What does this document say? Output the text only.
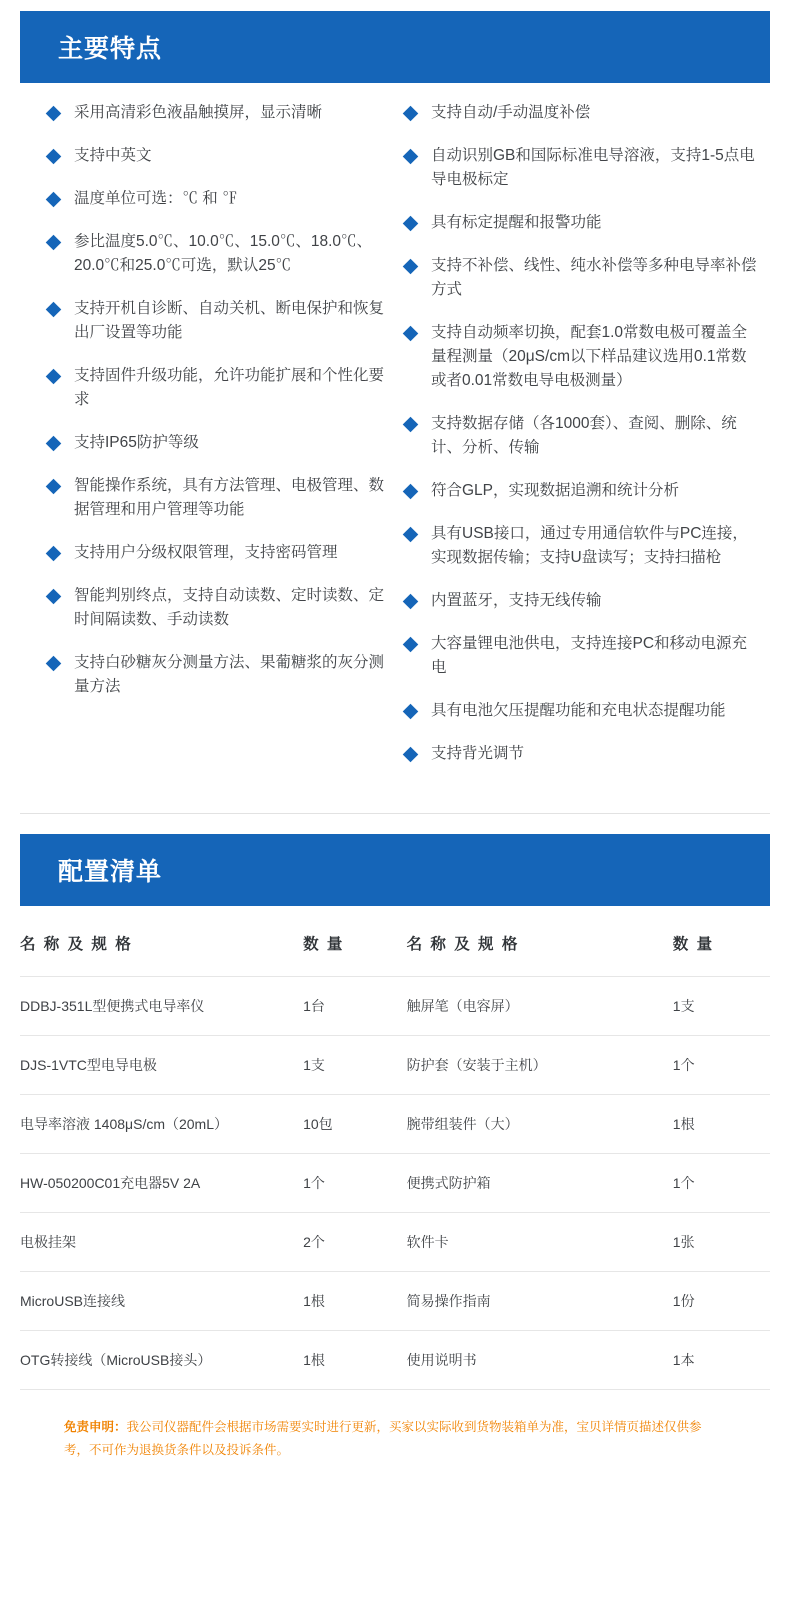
主要特点
采用高清彩色液晶触摸屏，显示清晰
支持中英文
温度单位可选：℃ 和 ℉
参比温度5.0℃、10.0℃、15.0℃、18.0℃、20.0℃和25.0℃可选，默认25℃
支持开机自诊断、自动关机、断电保护和恢复出厂设置等功能
支持固件升级功能，允许功能扩展和个性化要求
支持IP65防护等级
智能操作系统，具有方法管理、电极管理、数据管理和用户管理等功能
支持用户分级权限管理，支持密码管理
智能判别终点，支持自动读数、定时读数、定时间隔读数、手动读数
支持白砂糖灰分测量方法、果葡糖浆的灰分测量方法
支持自动/手动温度补偿
自动识别GB和国际标准电导溶液，支持1-5点电导电极标定
具有标定提醒和报警功能
支持不补偿、线性、纯水补偿等多种电导率补偿方式
支持自动频率切换，配套1.0常数电极可覆盖全量程测量（20μS/cm以下样品建议选用0.1常数或者0.01常数电导电极测量）
支持数据存储（各1000套）、查阅、删除、统计、分析、传输
符合GLP，实现数据追溯和统计分析
具有USB接口，通过专用通信软件与PC连接，实现数据传输；支持U盘读写；支持扫描枪
内置蓝牙，支持无线传输
大容量锂电池供电，支持连接PC和移动电源充电
具有电池欠压提醒功能和充电状态提醒功能
支持背光调节
配置清单
名 称 及 规 格	数 量	名 称 及 规 格	数 量
DDBJ-351L型便携式电导率仪	1台	触屏笔（电容屏）	1支
DJS-1VTC型电导电极	1支	防护套（安装于主机）	1个
电导率溶液 1408μS/cm（20mL）	10包	腕带组装件（大）	1根
HW-050200C01充电器5V 2A	1个	便携式防护箱	1个
电极挂架	2个	软件卡	1张
MicroUSB连接线	1根	简易操作指南	1份
OTG转接线（MicroUSB接头）	1根	使用说明书	1本
免责申明：我公司仪器配件会根据市场需要实时进行更新，买家以实际收到货物装箱单为准，宝贝详情页描述仅供参考，不可作为退换货条件以及投诉条件。
